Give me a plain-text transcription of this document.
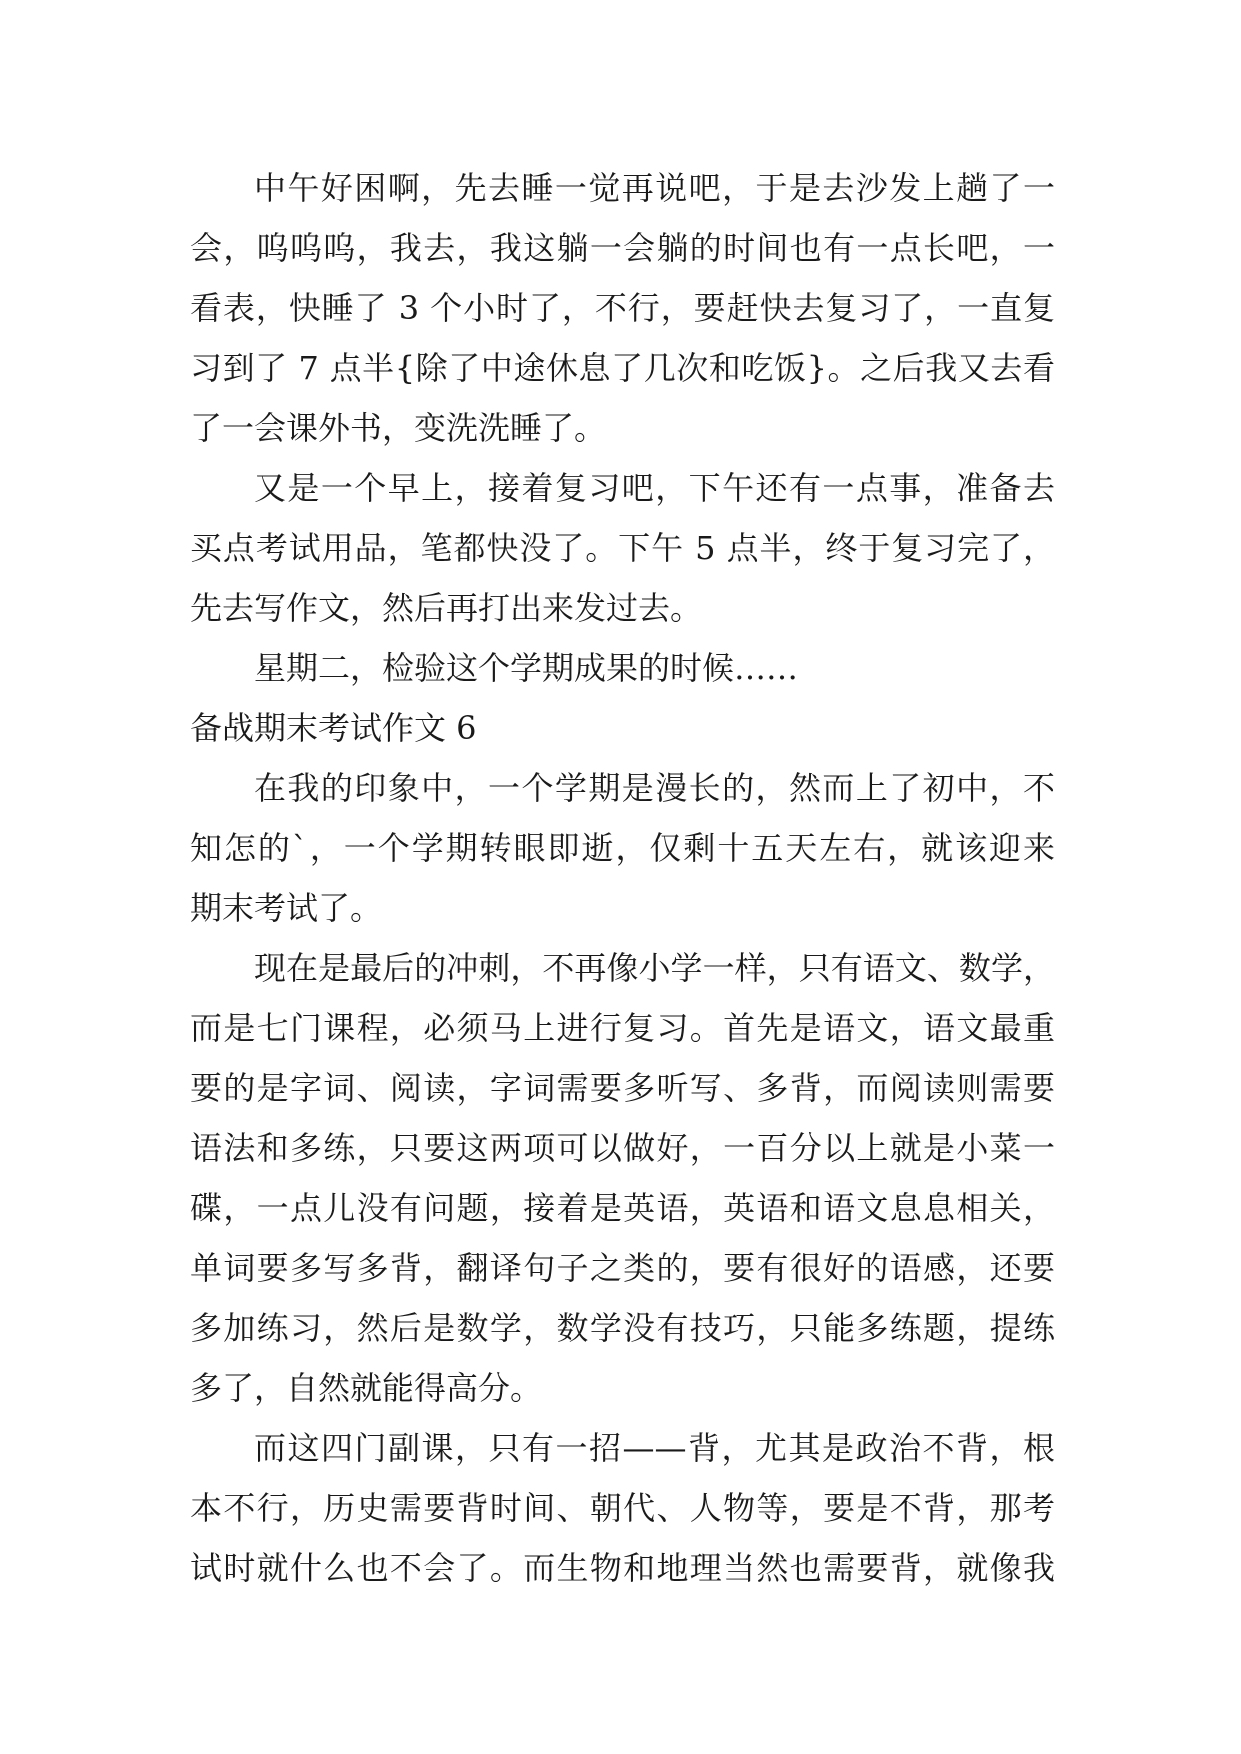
中午好困啊，先去睡一觉再说吧，于是去沙发上趟了一
会，呜呜呜，我去，我这躺一会躺的时间也有一点长吧，一
看表，快睡了 3 个小时了，不行，要赶快去复习了，一直复
习到了 7 点半{除了中途休息了几次和吃饭}。之后我又去看
了一会课外书，变洗洗睡了。
又是一个早上，接着复习吧，下午还有一点事，准备去
买点考试用品，笔都快没了。下午 5 点半，终于复习完了，
先去写作文，然后再打出来发过去。
星期二，检验这个学期成果的时候……
备战期末考试作文 6
在我的印象中，一个学期是漫长的，然而上了初中，不
知怎的`，一个学期转眼即逝，仅剩十五天左右，就该迎来
期末考试了。
现在是最后的冲刺，不再像小学一样，只有语文、数学，
而是七门课程，必须马上进行复习。首先是语文，语文最重
要的是字词、阅读，字词需要多听写、多背，而阅读则需要
语法和多练，只要这两项可以做好，一百分以上就是小菜一
碟，一点儿没有问题，接着是英语，英语和语文息息相关，
单词要多写多背，翻译句子之类的，要有很好的语感，还要
多加练习，然后是数学，数学没有技巧，只能多练题，提练
多了，自然就能得高分。
而这四门副课，只有一招——背，尤其是政治不背，根
本不行，历史需要背时间、朝代、人物等，要是不背，那考
试时就什么也不会了。而生物和地理当然也需要背，就像我
